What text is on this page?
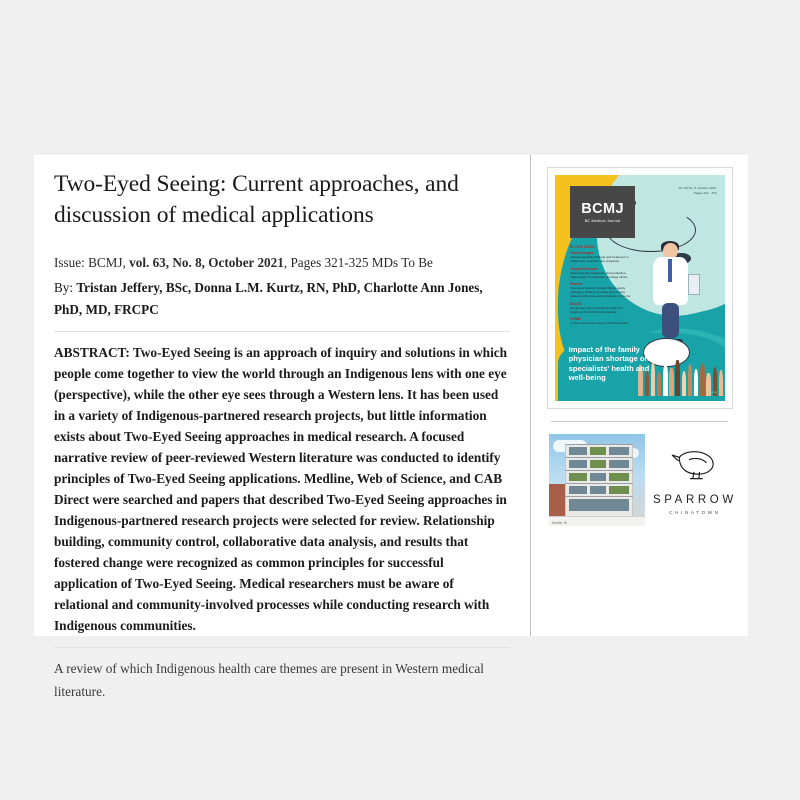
Two-Eyed Seeing: Current approaches, and discussion of medical applications

Issue: BCMJ, vol. 63, No. 8, October 2021, Pages 321-325 MDs To Be

By: Tristan Jeffery, BSc, Donna L.M. Kurtz, RN, PhD, Charlotte Ann Jones, PhD, MD, FRCPC

ABSTRACT: Two-Eyed Seeing is an approach of inquiry and solutions in which people come together to view the world through an Indigenous lens with one eye (perspective), while the other eye sees through a Western lens. It has been used in a variety of Indigenous-partnered research projects, but little information exists about Two-Eyed Seeing approaches in medical research. A focused narrative review of peer-reviewed Western literature was conducted to identify principles of Two-Eyed Seeing applications. Medline, Web of Science, and CAB Direct were searched and papers that described Two-Eyed Seeing approaches in Indigenous-partnered research projects were selected for review. Relationship building, community control, collaborative data analysis, and results that fostered change were recognized as common principles for successful application of Two-Eyed Seeing. Medical researchers must be aware of relational and community-involved processes while conducting research with Indigenous communities.

A review of which Indigenous health care themes are present in Western medical literature.

BCMJ
BC Medical Journal
Vol. 63 No. 8, October 2021
Pages 321 - 376
IN THIS ISSUE
Clinical Images
Ultrasonographic findings and treatment in Indigenous neonatal care programs
Original Research
Measuring the readiness of reproductive-status paper in outpatient oncology clinics
Premise
Two-Eyed Seeing: Support family equity pathways; What to consider when using patients with acute endocrinologic concerns
BCCDC
Respiratory virus surveillance after the height of the COVID-19 pandemic
CPSBC
A look towards the issue of misinformation
Impact of the family physician shortage on BC specialists' health and well-being
bcmj.org
Keefer St
SPARROW
CHINATOWN
